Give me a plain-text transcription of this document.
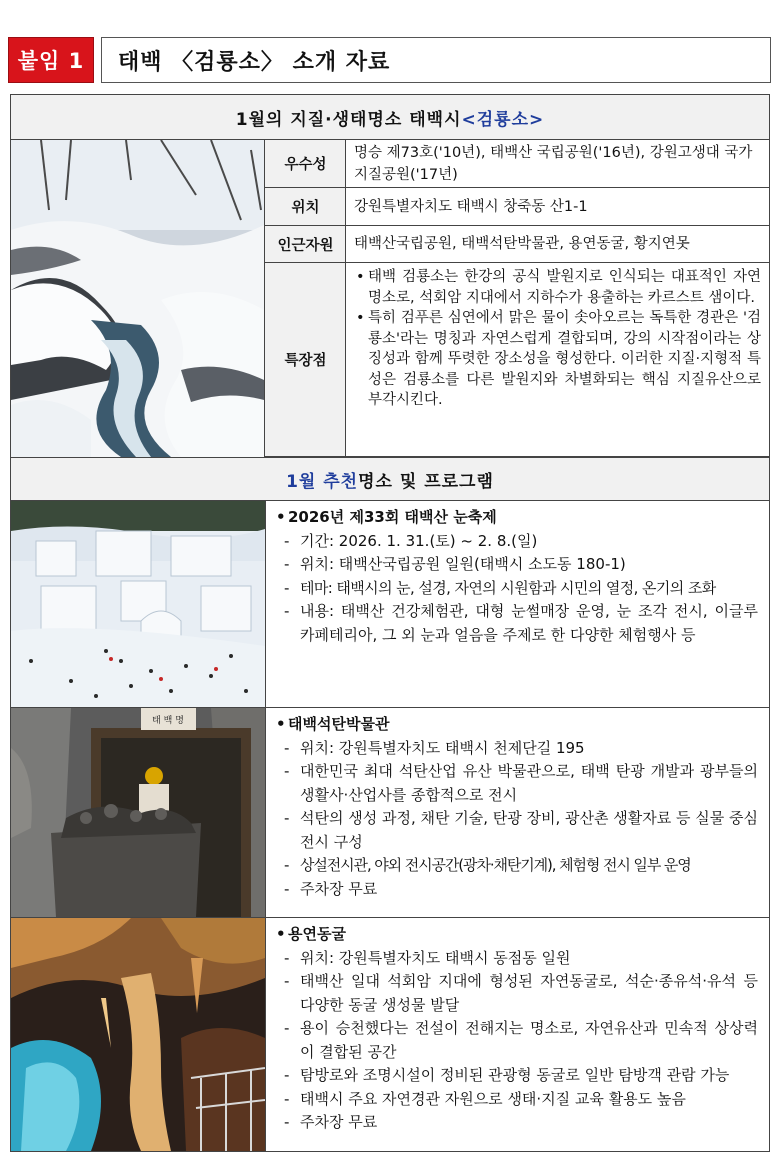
붙임 1	태백 〈검룡소〉 소개 자료
1월의 지질·생태명소 태백시 <검룡소>
우수성
명승 제73호('10년), 태백산 국립공원('16년), 강원고생대 국가지질공원('17년)
위치	강원특별자치도 태백시 창죽동 산1-1
인근자원	태백산국립공원, 태백석탄박물관, 용연동굴, 황지연못
특장점
• 태백 검룡소는 한강의 공식 발원지로 인식되는 대표적인 자연명소로, 석회암 지대에서 지하수가 용출하는 카르스트 샘이다.
• 특히 검푸른 심연에서 맑은 물이 솟아오르는 독특한 경관은 '검룡소'라는 명칭과 자연스럽게 결합되며, 강의 시작점이라는 상징성과 함께 뚜렷한 장소성을 형성한다. 이러한 지질·지형적 특성은 검룡소를 다른 발원지와 차별화되는 핵심 지질유산으로 부각시킨다.
1월 추천 명소 및 프로그램
• 2026년 제33회 태백산 눈축제
- 기간: 2026. 1. 31.(토) ~ 2. 8.(일)
- 위치: 태백산국립공원 일원(태백시 소도동 180-1)
- 테마: 태백시의 눈, 설경, 자연의 시원함과 시민의 열정, 온기의 조화
- 내용: 태백산 건강체험관, 대형 눈썰매장 운영, 눈 조각 전시, 이글루 카페테리아, 그 외 눈과 얼음을 주제로 한 다양한 체험행사 등
태 백 명
•	태백석탄박물관
- 위치: 강원특별자치도 태백시 천제단길 195
- 대한민국 최대 석탄산업 유산 박물관으로, 태백 탄광 개발과 광부들의 생활사·산업사를 종합적으로 전시
- 석탄의 생성 과정, 채탄 기술, 탄광 장비, 광산촌 생활자료 등 실물 중심 전시 구성
- 상설전시관, 야외 전시공간(광차·채탄기계), 체험형 전시 일부 운영
- 주차장 무료
• 용연동굴
- 위치: 강원특별자치도 태백시 동점동 일원
- 태백산 일대 석회암 지대에 형성된 자연동굴로, 석순·종유석·유석 등 다양한 동굴 생성물 발달
- 용이 승천했다는 전설이 전해지는 명소로, 자연유산과 민속적 상상력이 결합된 공간
- 탐방로와 조명시설이 정비된 관광형 동굴로 일반 탐방객 관람 가능
- 태백시 주요 자연경관 자원으로 생태·지질 교육 활용도 높음
- 주차장 무료
